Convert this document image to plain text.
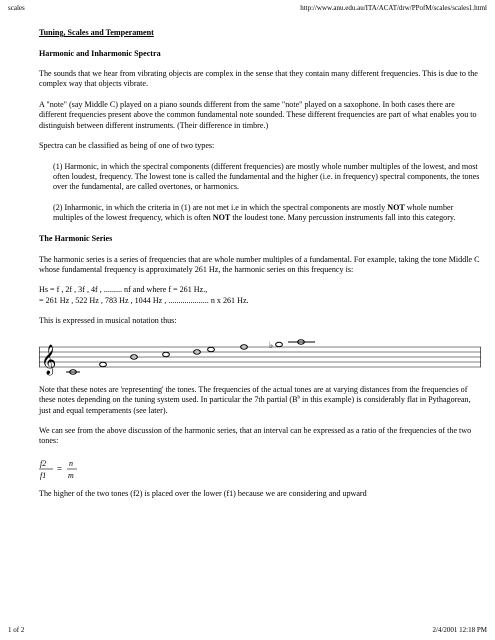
scales	http://www.anu.edu.au/ITA/ACAT/drw/PPofM/scales/scales1.html

Tuning, Scales and Temperament

Harmonic and Inharmonic Spectra

The sounds that we hear from vibrating objects are complex in the sense that they contain many different frequencies. This is due to the complex way that objects vibrate.

A "note" (say Middle C) played on a piano sounds different from the same "note" played on a saxophone. In both cases there are different frequencies present above the common fundamental note sounded. These different frequencies are part of what enables you to distinguish between different instruments. (Their difference in timbre.)

Spectra can be classified as being of one of two types:

(1) Harmonic, in which the spectral components (different frequencies) are mostly whole number multiples of the lowest, and most often loudest, frequency. The lowest tone is called the fundamental and the higher (i.e. in frequency) spectral components, the tones over the fundamental, are called overtones, or harmonics.

(2) Inharmonic, in which the criteria in (1) are not met i.e in which the spectral components are mostly NOT whole number multiples of the lowest frequency, which is often NOT the loudest tone. Many percussion instruments fall into this category.

The Harmonic Series

The harmonic series is a series of frequencies that are whole number multiples of a fundamental. For example, taking the tone Middle C whose fundamental frequency is approximately 261 Hz, the harmonic series on this frequency is:

Hs = f , 2f , 3f , 4f , ......... nf and where f = 261 Hz.,

= 261 Hz , 522 Hz , 783 Hz , 1044 Hz , .................... n x 261 Hz.

This is expressed in musical notation thus:

𝄞	♭

Note that these notes are 'representing' the tones. The frequencies of the actual tones are at varying distances from the frequencies of these notes depending on the tuning system used. In particular the 7th partial ($B^b$ in this example) is considerably flat in Pythagorean, just and equal temperaments (see later).

We can see from the above discussion of the harmonic series, that an interval can be expressed as a ratio of the frequencies of the two tones:

f2
f1
=
n
m

The higher of the two tones (f2) is placed over the lower (f1) because we are considering and upward

1 of 2	2/4/2001 12:18 PM
